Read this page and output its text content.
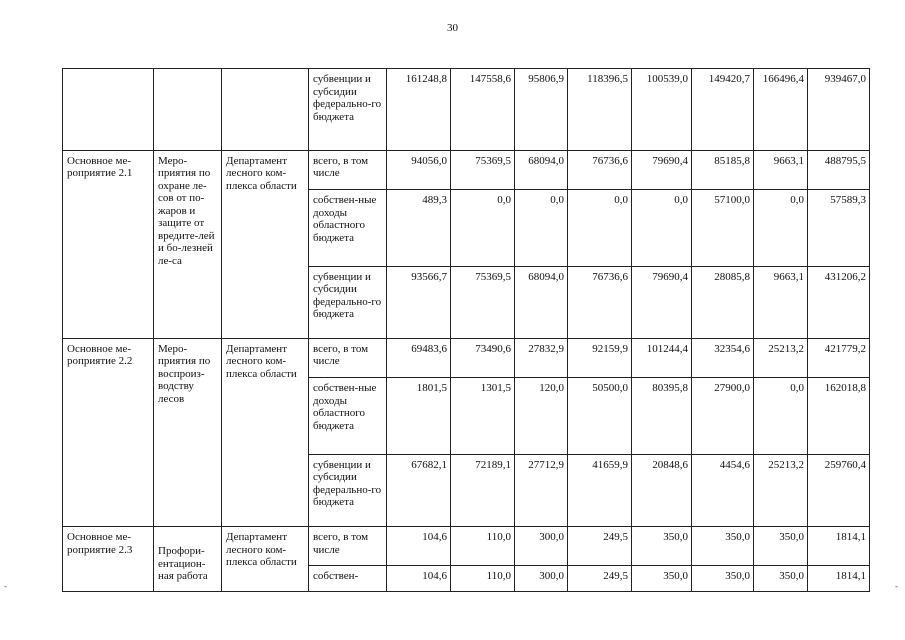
30
			субвенции и субсидии федерально-го бюджета	161248,8	147558,6	95806,9	118396,5	100539,0	149420,7	166496,4	939467,0
Основное ме-роприятие 2.1	Меро-приятия по охране ле-сов от по-жаров и защите от вредите-лей и бо-лезней ле-са	Департамент лесного ком-плекса области	всего, в том числе	94056,0	75369,5	68094,0	76736,6	79690,4	85185,8	9663,1	488795,5
			собствен-ные доходы областного бюджета	489,3	0,0	0,0	0,0	0,0	57100,0	0,0	57589,3
			субвенции и субсидии федерально-го бюджета	93566,7	75369,5	68094,0	76736,6	79690,4	28085,8	9663,1	431206,2
Основное ме-роприятие 2.2	Меро-приятия по воспроиз-водству лесов	Департамент лесного ком-плекса области	всего, в том числе	69483,6	73490,6	27832,9	92159,9	101244,4	32354,6	25213,2	421779,2
			собствен-ные доходы областного бюджета	1801,5	1301,5	120,0	50500,0	80395,8	27900,0	0,0	162018,8
			субвенции и субсидии федерально-го бюджета	67682,1	72189,1	27712,9	41659,9	20848,6	4454,6	25213,2	259760,4
Основное ме-роприятие 2.3	Профори-ентацион-ная работа	Департамент лесного ком-плекса области	всего, в том числе	104,6	110,0	300,0	249,5	350,0	350,0	350,0	1814,1
			собствен-	104,6	110,0	300,0	249,5	350,0	350,0	350,0	1814,1
-	-
